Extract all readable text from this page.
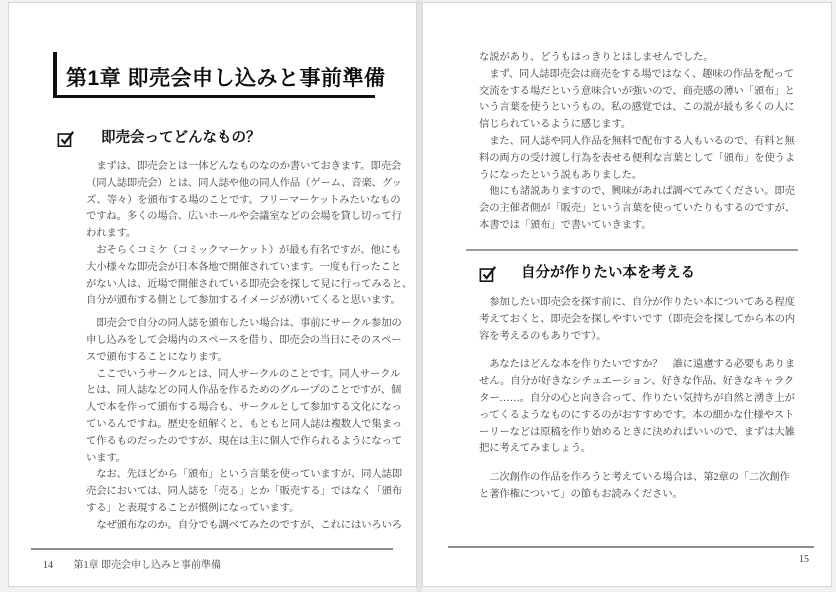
第1章 即売会申し込みと事前準備
即売会ってどんなもの？
　まずは、即売会とは一体どんなものなのか書いておきます。即売会
（同人誌即売会）とは、同人誌や他の同人作品（ゲーム、音楽、グッ
ズ、等々）を頒布する場のことです。フリーマーケットみたいなもの
ですね。多くの場合、広いホールや会議室などの会場を貸し切って行
われます。
　おそらくコミケ（コミックマーケット）が最も有名ですが、他にも
大小様々な即売会が日本各地で開催されています。一度も行ったこと
がない人は、近場で開催されている即売会を探して見に行ってみると、
自分が頒布する側として参加するイメージが湧いてくると思います。
　即売会で自分の同人誌を頒布したい場合は、事前にサークル参加の
申し込みをして会場内のスペースを借り、即売会の当日にそのスペー
スで頒布することになります。
　ここでいうサークルとは、同人サークルのことです。同人サークル
とは、同人誌などの同人作品を作るためのグループのことですが、個
人で本を作って頒布する場合も、サークルとして参加する文化になっ
ているんですね。歴史を紐解くと、もともと同人誌は複数人で集まっ
て作るものだったのですが、現在は主に個人で作られるようになって
います。
　なお、先ほどから「頒布」という言葉を使っていますが、同人誌即
売会においては、同人誌を「売る」とか「販売する」ではなく「頒布
する」と表現することが慣例になっています。
　なぜ頒布なのか。自分でも調べてみたのですが、これにはいろいろ
14 第1章 即売会申し込みと事前準備
な説があり、どうもはっきりとはしませんでした。
　まず、同人誌即売会は商売をする場ではなく、趣味の作品を配って
交流をする場だという意味合いが強いので、商売感の薄い「頒布」と
いう言葉を使うというもの。私の感覚では、この説が最も多くの人に
信じられているように感じます。
　また、同人誌や同人作品を無料で配布する人もいるので、有料と無
料の両方の受け渡し行為を表せる便利な言葉として「頒布」を使うよ
うになったという説もありました。
　他にも諸説ありますので、興味があれば調べてみてください。即売
会の主催者側が「販売」という言葉を使っていたりもするのですが、
本書では「頒布」で書いていきます。
自分が作りたい本を考える
　参加したい即売会を探す前に、自分が作りたい本についてある程度
考えておくと、即売会を探しやすいです（即売会を探してから本の内
容を考えるのもありです）。
　あなたはどんな本を作りたいですか？　誰に遠慮する必要もありま
せん。自分が好きなシチュエーション、好きな作品、好きなキャラク
ター……。自分の心と向き合って、作りたい気持ちが自然と湧き上が
ってくるようなものにするのがおすすめです。本の細かな仕様やスト
ーリーなどは原稿を作り始めるときに決めればいいので、まずは大雑
把に考えてみましょう。
　二次創作の作品を作ろうと考えている場合は、第2章の「二次創作
と著作権について」の節もお読みください。
15
